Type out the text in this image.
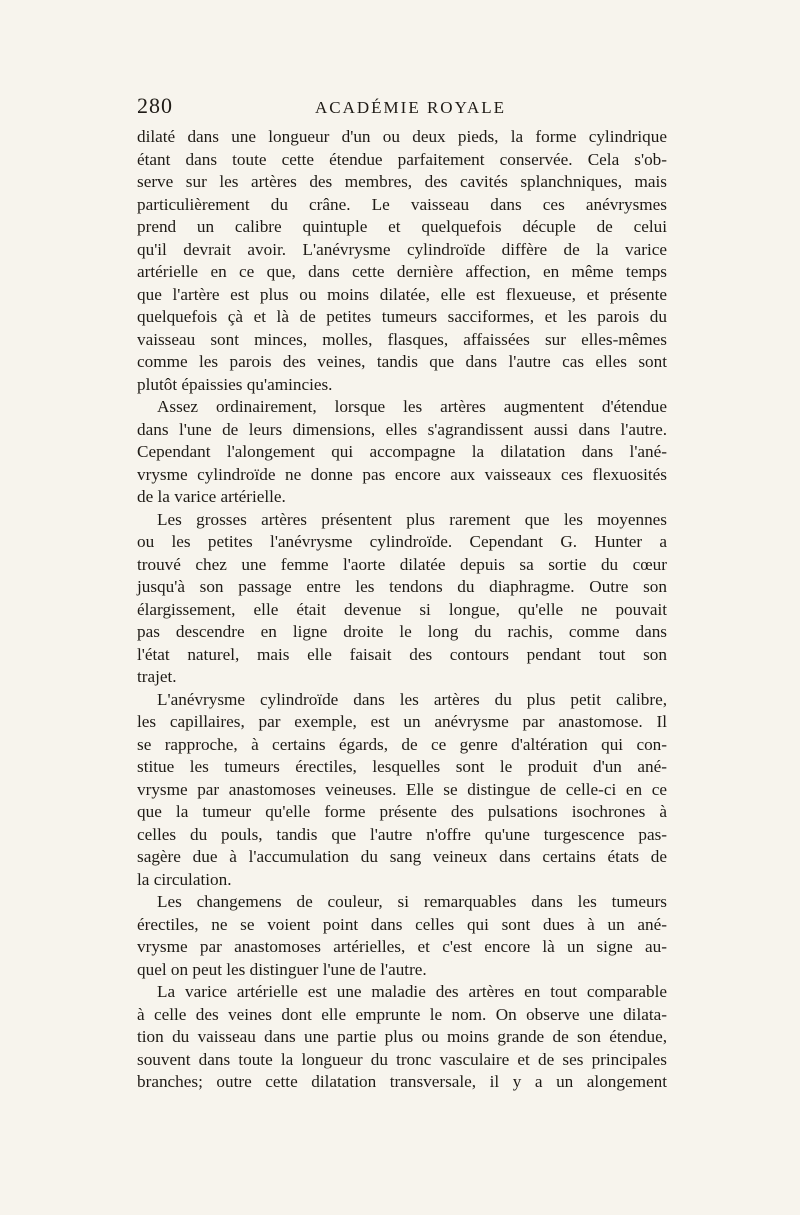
280	ACADÉMIE ROYALE
dilaté dans une longueur d'un ou deux pieds, la forme cylindrique
étant dans toute cette étendue parfaitement conservée. Cela s'ob-
serve sur les artères des membres, des cavités splanchniques, mais
particulièrement du crâne. Le vaisseau dans ces anévrysmes
prend un calibre quintuple et quelquefois décuple de celui
qu'il devrait avoir. L'anévrysme cylindroïde diffère de la varice
artérielle en ce que, dans cette dernière affection, en même temps
que l'artère est plus ou moins dilatée, elle est flexueuse, et présente
quelquefois çà et là de petites tumeurs sacciformes, et les parois du
vaisseau sont minces, molles, flasques, affaissées sur elles-mêmes
comme les parois des veines, tandis que dans l'autre cas elles sont
plutôt épaissies qu'amincies.
Assez ordinairement, lorsque les artères augmentent d'étendue
dans l'une de leurs dimensions, elles s'agrandissent aussi dans l'autre.
Cependant l'alongement qui accompagne la dilatation dans l'ané-
vrysme cylindroïde ne donne pas encore aux vaisseaux ces flexuosités
de la varice artérielle.
Les grosses artères présentent plus rarement que les moyennes
ou les petites l'anévrysme cylindroïde. Cependant G. Hunter a
trouvé chez une femme l'aorte dilatée depuis sa sortie du cœur
jusqu'à son passage entre les tendons du diaphragme. Outre son
élargissement, elle était devenue si longue, qu'elle ne pouvait
pas descendre en ligne droite le long du rachis, comme dans
l'état naturel, mais elle faisait des contours pendant tout son
trajet.
L'anévrysme cylindroïde dans les artères du plus petit calibre,
les capillaires, par exemple, est un anévrysme par anastomose. Il
se rapproche, à certains égards, de ce genre d'altération qui con-
stitue les tumeurs érectiles, lesquelles sont le produit d'un ané-
vrysme par anastomoses veineuses. Elle se distingue de celle-ci en ce
que la tumeur qu'elle forme présente des pulsations isochrones à
celles du pouls, tandis que l'autre n'offre qu'une turgescence pas-
sagère due à l'accumulation du sang veineux dans certains états de
la circulation.
Les changemens de couleur, si remarquables dans les tumeurs
érectiles, ne se voient point dans celles qui sont dues à un ané-
vrysme par anastomoses artérielles, et c'est encore là un signe au-
quel on peut les distinguer l'une de l'autre.
La varice artérielle est une maladie des artères en tout comparable
à celle des veines dont elle emprunte le nom. On observe une dilata-
tion du vaisseau dans une partie plus ou moins grande de son étendue,
souvent dans toute la longueur du tronc vasculaire et de ses principales
branches; outre cette dilatation transversale, il y a un alongement
